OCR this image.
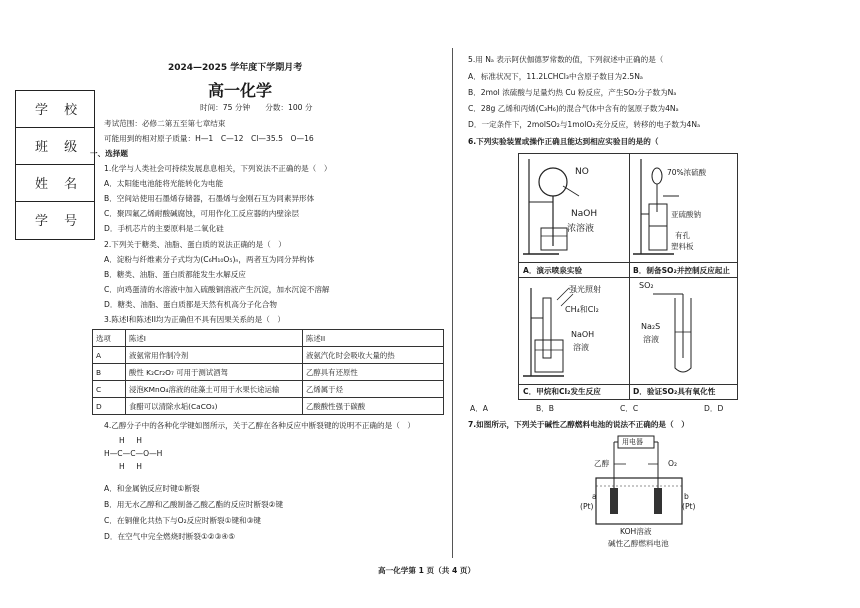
学 校
班 级
姓 名
学 号
2024—2025 学年度下学期月考
高一化学
时间：75 分钟　　分数：100 分
考试范围：必修二第五至第七章结束
可能用到的相对原子质量：H—1　C—12　Cl—35.5　O—16
一、选择题
1.化学与人类社会可持续发展息息相关，下列说法不正确的是（　）
A．太阳能电池能将光能转化为电能
B．空间站使用石墨烯存储器，石墨烯与金刚石互为同素异形体
C．聚四氟乙烯耐酸碱腐蚀，可用作化工反应器的内壁涂层
D．手机芯片的主要原料是二氧化硅
2.下列关于糖类、油脂、蛋白质的说法正确的是（　）
A．淀粉与纤维素分子式均为(C₆H₁₀O₅)ₙ，两者互为同分异构体
B．糖类、油脂、蛋白质都能发生水解反应
C．向鸡蛋清的水溶液中加入硫酸铜溶液产生沉淀，加水沉淀不溶解
D．糖类、油脂、蛋白质都是天然有机高分子化合物
3.陈述I和陈述II均为正确但不具有因果关系的是（　）
选项	陈述I	陈述II
A	液氨常用作制冷剂	液氨汽化时会吸收大量的热
B	酸性 K₂Cr₂O₇ 可用于测试酒驾	乙醇具有还原性
C	浸泡KMnO₄溶液的硅藻土可用于水果长途运输	乙烯属于烃
D	食醋可以清除水垢(CaCO₃)	乙酸酸性强于碳酸
4.乙醇分子中的各种化学键如图所示，关于乙醇在各种反应中断裂键的说明不正确的是（　）
H　H
H—C—C—O—H
H　H
A．和金属钠反应时键①断裂
B．用无水乙醇和乙酸制备乙酸乙酯的反应时断裂②键
C．在铜催化共热下与O₂反应时断裂①键和③键
D．在空气中完全燃烧时断裂①②③④⑤
5.用 Nₐ 表示阿伏伽德罗常数的值，下列叙述中正确的是（
A．标准状况下，11.2LCHCl₃中含原子数目为2.5Nₐ
B．2mol 浓硫酸与足量灼热 Cu 粉反应，产生SO₂分子数为Nₐ
C．28g 乙烯和丙烯(C₃H₆)的混合气体中含有的氢原子数为4Nₐ
D．一定条件下，2molSO₂与1molO₂充分反应，转移的电子数为4Nₐ
6.下列实验装置或操作正确且能达到相应实验目的是的（
NO
NaOH
浓溶液
A．演示喷泉实验
70%浓硫酸
亚硫酸钠
有孔
塑料板
B．制备SO₂并控制反应起止
强光照射
CH₄和Cl₂
NaOH
溶液
C．甲烷和Cl₂发生反应
SO₂
Na₂S
溶液
D．验证SO₂具有氧化性
A．A	B．B	C．C	D．D
7.如图所示，下列关于碱性乙醇燃料电池的说法不正确的是（　）
用电器
乙醇	O₂
a
(Pt)
b
(Pt)
KOH溶液
碱性乙醇燃料电池
高一化学第 1 页（共 4 页）
